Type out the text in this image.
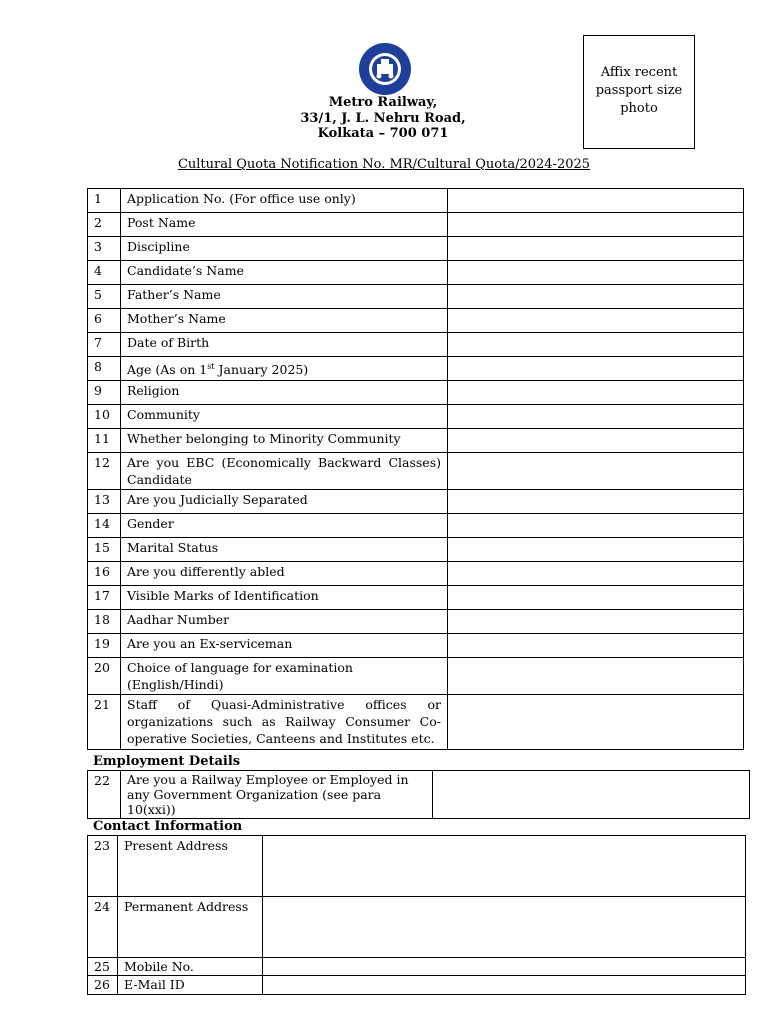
Metro Railway,
33/1, J. L. Nehru Road,
Kolkata – 700 071
Affix recent
passport size
photo
Cultural Quota Notification No. MR/Cultural Quota/2024-2025
1	Application No. (For office use only)	
2	Post Name	
3	Discipline	
4	Candidate’s Name	
5	Father’s Name	
6	Mother’s Name	
7	Date of Birth	
8	Age (As on 1st January 2025)	
9	Religion	
10	Community	
11	Whether belonging to Minority Community	
12	Are you EBC (Economically Backward Classes) Candidate	
13	Are you Judicially Separated	
14	Gender	
15	Marital Status	
16	Are you differently abled	
17	Visible Marks of Identification	
18	Aadhar Number	
19	Are you an Ex-serviceman	
20	Choice of language for examination (English/Hindi)	
21	Staff of Quasi-Administrative offices or organizations such as Railway Consumer Co-operative Societies, Canteens and Institutes etc.	
Employment Details
22	Are you a Railway Employee or Employed in any Government Organization (see para 10(xxi))	
Contact Information
23	Present Address	
24	Permanent Address	
25	Mobile No.	
26	E-Mail ID	
